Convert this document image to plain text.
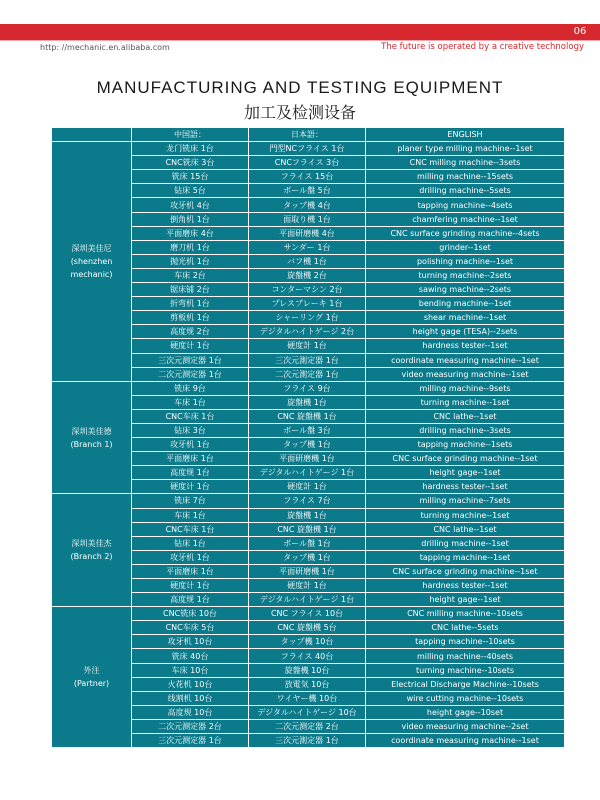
06
http: //mechanic.en.alibaba.com	The future is operated by a creative technology
MANUFACTURING AND TESTING EQUIPMENT
加工及检测设备
	中国語：	日本語：	ENGLISH
深圳美佳尼
(shenzhen
mechanic)	龙门铣床 1台	門型NCフライス 1台	planer type milling machine--1set
	CNC铣床 3台	CNCフライス 3台	CNC milling machine--3sets
	铣床 15台	フライス 15台	milling machine--15sets
	钻床 5台	ボール盤 5台	drilling machine--5sets
	攻牙机 4台	タップ機 4台	tapping machine--4sets
	倒角机 1台	面取り機 1台	chamfering machine--1set
	平面磨床 4台	平面研磨機 4台	CNC surface grinding machine--4sets
	磨刀机 1台	サンダー 1台	grinder--1set
	抛光机 1台	バフ機 1台	polishing machine--1set
	车床 2台	旋盤機 2台	turning machine--2sets
	锯床铺 2台	コンターマシン 2台	sawing machine--2sets
	折弯机 1台	プレスブレーキ 1台	bending machine--1set
	剪板机 1台	シャーリング 1台	shear machine--1set
	高度规 2台	デジタルハイトゲージ 2台	height gage (TESA)--2sets
	硬度计 1台	硬度計 1台	hardness tester--1set
	三次元测定器 1台	三次元測定器 1台	coordinate measuring machine--1set
	二次元测定器 1台	二次元測定器 1台	video measuring machine--1set
深圳美佳德
(Branch 1)	铣床 9台	フライス 9台	milling machine--9sets
	车床 1台	旋盤機 1台	turning machine--1set
	CNC车床 1台	CNC 旋盤機 1台	CNC lathe--1set
	钻床 3台	ボール盤 3台	drilling machine--3sets
	攻牙机 1台	タップ機 1台	tapping machine--1sets
	平面磨床 1台	平面研磨機 1台	CNC surface grinding machine--1set
	高度规 1台	デジタルハイトゲージ 1台	height gage--1set
	硬度计 1台	硬度計 1台	hardness tester--1set
深圳美佳杰
(Branch 2)	铣床 7台	フライス 7台	milling machine--7sets
	车床 1台	旋盤機 1台	turning machine--1set
	CNC车床 1台	CNC 旋盤機 1台	CNC lathe--1set
	钻床 1台	ボール盤 1台	drilling machine--1set
	攻牙机 1台	タップ機 1台	tapping machine--1set
	平面磨床 1台	平面研磨機 1台	CNC surface grinding machine--1set
	硬度计 1台	硬度計 1台	hardness tester--1set
	高度规 1台	デジタルハイトゲージ 1台	height gage--1set
外注
(Partner)	CNC铣床 10台	CNC フライス 10台	CNC milling machine--10sets
	CNC车床 5台	CNC 旋盤機 5台	CNC lathe--5sets
	攻牙机 10台	タップ機 10台	tapping machine--10sets
	铣床 40台	フライス 40台	milling machine--40sets
	车床 10台	旋盤機 10台	turning machine--10sets
	火花机 10台	放電気 10台	Electrical Discharge Machine--10sets
	线割机 10台	ワイヤー機 10台	wire cutting machine--10sets
	高度规 10台	デジタルハイトゲージ 10台	height gage--10set
	二次元测定器 2台	二次元测定器 2台	video measuring machine--2set
	三次元测定器 1台	三次元測定器 1台	coordinate measuring machine--1set
